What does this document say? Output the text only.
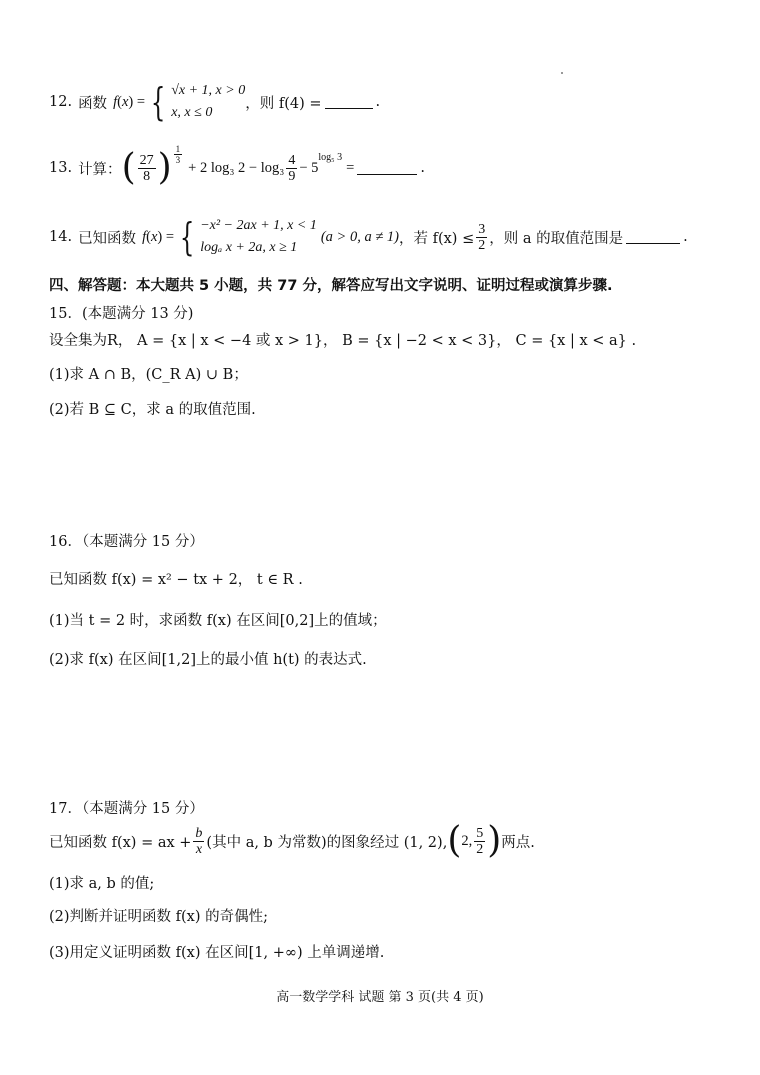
12. 函数 f ( x ) = { √x + 1, x > 0
x, x ≤ 0
，则 f(4) =	.
13. 计算： ( $\frac{27}{8}$ ) $\frac{1}{3}$
+ 2 log₃ $2 - \log_3 \frac{4}{9} - 5$
$^{log_5 3}$
=	.
14. 已知函数 f ( x ) = { −x² − 2ax + 1, x < 1
logₐ x + 2a, x ≥ 1
(a > 0, a ≠ 1) ，若 $f(x) \le \frac{3}{2}$ ，则 a 的取值范围是	.
四、解答题：本大题共 5 小题，共 77 分，解答应写出文字说明、证明过程或演算步骤.
15．(本题满分 13 分)
设全集为R， A = {x | x < −4 或 x > 1}， B = {x | −2 < x < 3}， C = {x | x < a} .
(1)求 A ∩ B，(C_R A) ∪ B；
(2)若 B ⊆ C，求 a 的取值范围.
16．（本题满分 15 分）
已知函数 f(x) = x² − tx + 2， t ∈ R .
(1)当 t = 2 时，求函数 f(x) 在区间[0,2]上的值域；
(2)求 f(x) 在区间[1,2]上的最小值 h(t) 的表达式.
17．（本题满分 15 分）
已知函数 f(x) = ax + $\frac{b}{x}$ (其中 a, b 为常数)的图象经过 (1, 2), ( 2, $\frac{5}{2}$ ) 两点.
(1)求 a, b 的值;
(2)判断并证明函数 f(x) 的奇偶性;
(3)用定义证明函数 f(x) 在区间[1, +∞) 上单调递增.
高一数学学科 试题 第 3 页(共 4 页)
